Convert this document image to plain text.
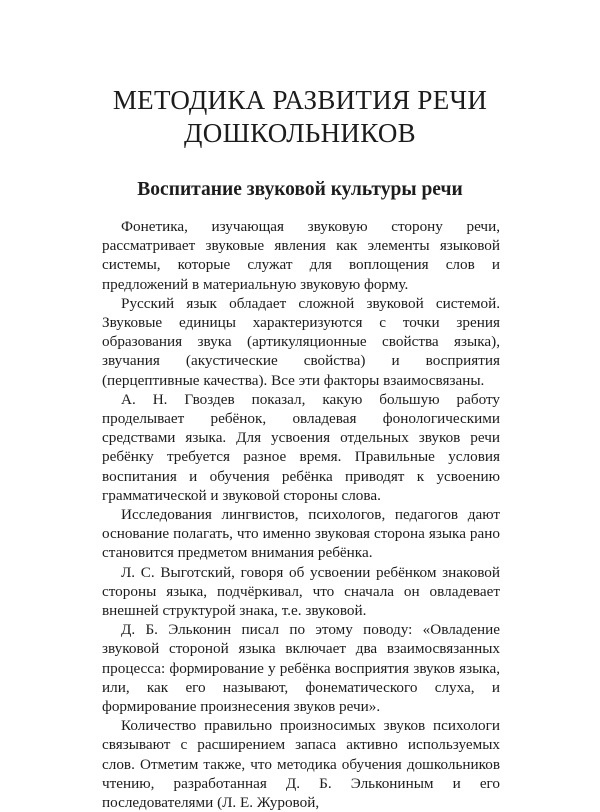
МЕТОДИКА РАЗВИТИЯ РЕЧИ
ДОШКОЛЬНИКОВ
Воспитание звуковой культуры речи

Фонетика, изучающая звуковую сторону речи, рассматривает звуковые явления как элементы языковой системы, которые служат для воплощения слов и предложений в материальную звуковую форму.

Русский язык обладает сложной звуковой системой. Звуковые единицы характеризуются с точки зрения образования звука (артикуляционные свойства языка), звучания (акустические свойства) и восприятия (перцептивные качества). Все эти факторы взаимосвязаны.

А. Н. Гвоздев показал, какую большую работу проделывает ребёнок, овладевая фонологическими средствами языка. Для усвоения отдельных звуков речи ребёнку требуется разное время. Правильные условия воспитания и обучения ребёнка приводят к усвоению грамматической и звуковой стороны слова.

Исследования лингвистов, психологов, педагогов дают основание полагать, что именно звуковая сторона языка рано становится предметом внимания ребёнка.

Л. С. Выготский, говоря об усвоении ребёнком знаковой стороны языка, подчёркивал, что сначала он овладевает внешней структурой знака, т.е. звуковой.

Д. Б. Эльконин писал по этому поводу: «Овладение звуковой стороной языка включает два взаимосвязанных процесса: формирование у ребёнка восприятия звуков языка, или, как его называют, фонематического слуха, и формирование произнесения звуков речи».

Количество правильно произносимых звуков психологи связывают с расширением запаса активно используемых слов. Отметим также, что методика обучения дошкольников чтению, разработанная Д. Б. Элькониным и его последователями (Л. Е. Журовой,
